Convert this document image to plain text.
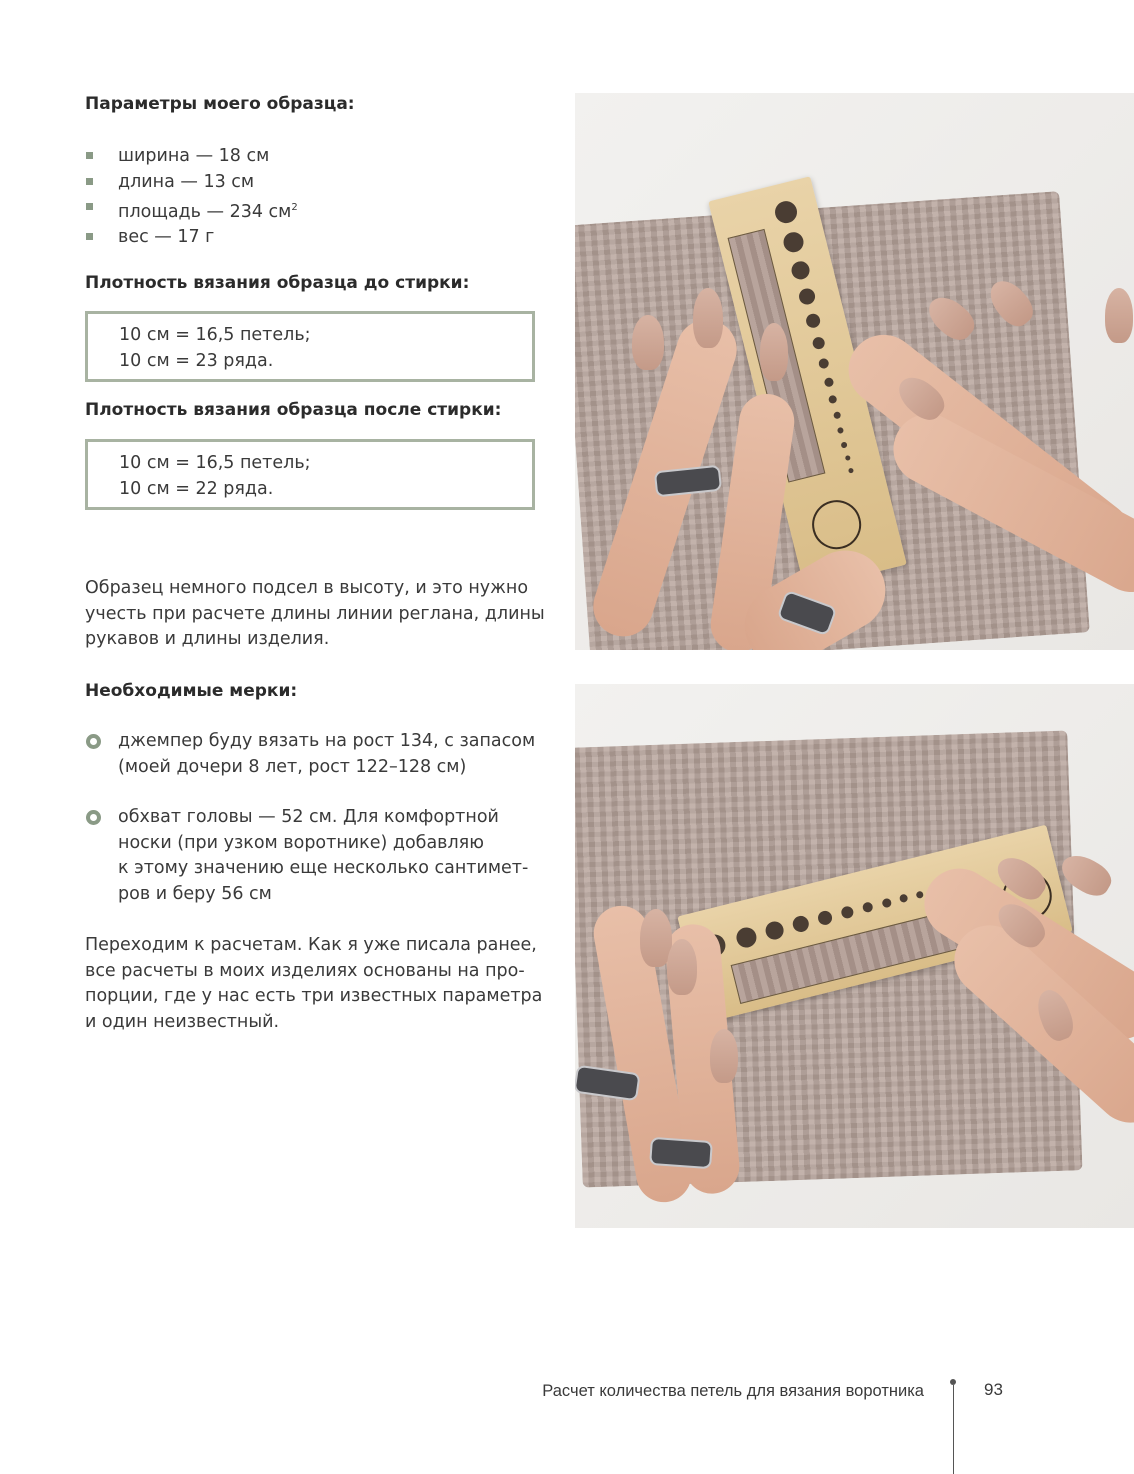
Параметры моего образца:
ширина — 18 см
длина — 13 см
площадь — 234 $см^2$
вес — 17 г
Плотность вязания образца до стирки:
10 см = 16,5 петель;
10 см = 23 ряда.
Плотность вязания образца после стирки:
10 см = 16,5 петель;
10 см = 22 ряда.

Образец немного подсел в высоту, и это нужно
учесть при расчете длины линии реглана, длины
рукавов и длины изделия.

Необходимые мерки:
джемпер буду вязать на рост 134, с запасом
(моей дочери 8 лет, рост 122–128 см)
обхват головы — 52 см. Для комфортной
носки (при узком воротнике) добавляю
к этому значению еще несколько сантимет-
ров и беру 56 см

Переходим к расчетам. Как я уже писала ранее,
все расчеты в моих изделиях основаны на про-
порции, где у нас есть три известных параметра
и один неизвестный.

Расчет количества петель для вязания воротника	93
